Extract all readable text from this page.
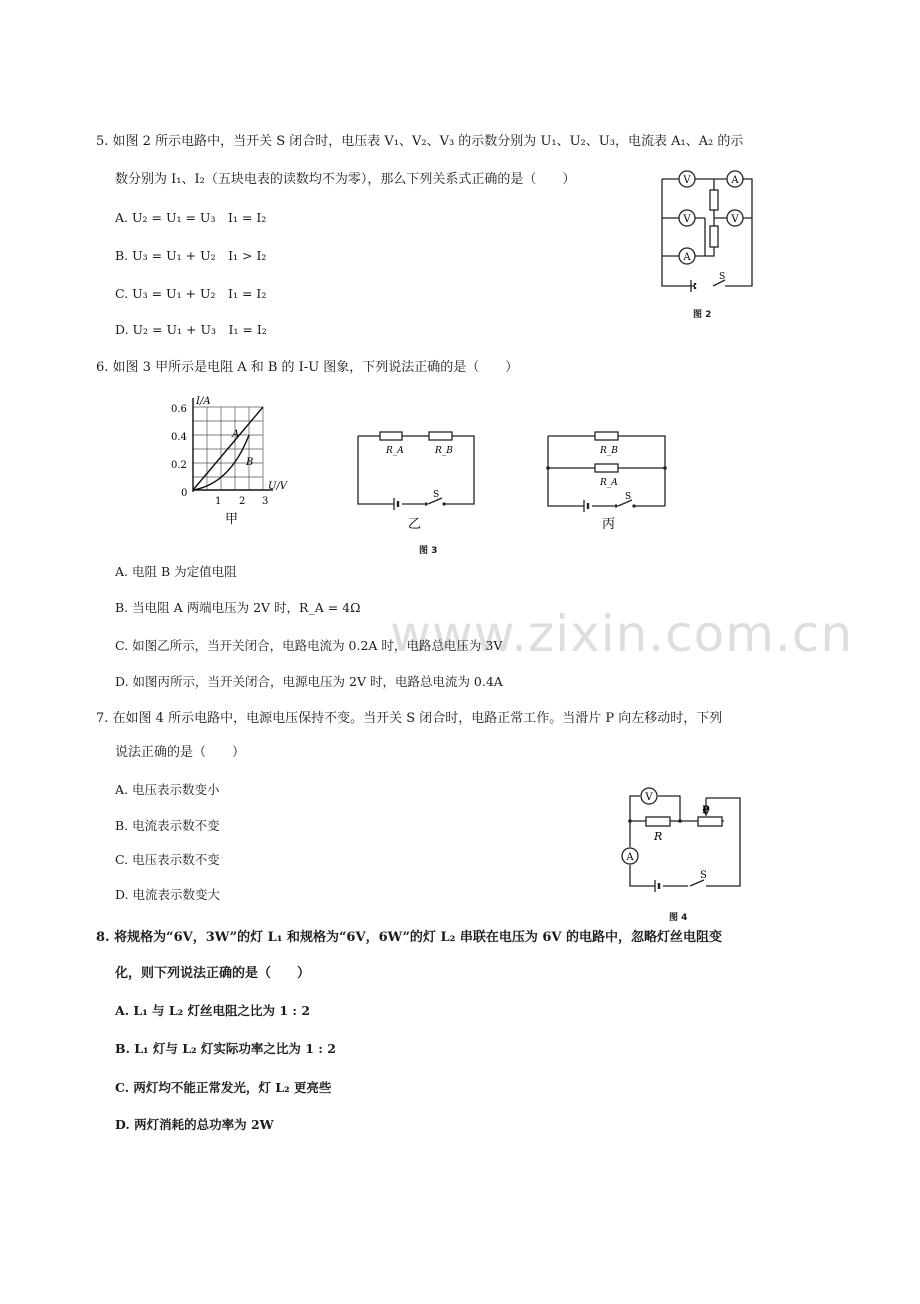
www.zixin.com.cn
5. 如图 2 所示电路中，当开关 S 闭合时，电压表 V₁、V₂、V₃ 的示数分别为 U₁、U₂、U₃，电流表 A₁、A₂ 的示
数分别为 I₁、I₂（五块电表的读数均不为零），那么下列关系式正确的是（　　）
A. U₂ = U₁ = U₃　I₁ = I₂
B. U₃ = U₁ + U₂　I₁ > I₂
C. U₃ = U₁ + U₂　I₁ = I₂
D. U₂ = U₁ + U₃　I₁ = I₂
V	A
V	V
A
S
图 2
6. 如图 3 甲所示是电阻 A 和 B 的 I-U 图象，下列说法正确的是（　　）
I/A
U/V
0.6
0.4
0.2
0
1 2 3
A
B
甲
R_A	R_B
S
乙
R_B
R_A
S
丙
图 3
A. 电阻 B 为定值电阻
B. 当电阻 A 两端电压为 2V 时，R_A = 4Ω
C. 如图乙所示，当开关闭合，电路电流为 0.2A 时，电路总电压为 3V
D. 如图丙所示，当开关闭合，电源电压为 2V 时，电路总电流为 0.4A
7. 在如图 4 所示电路中，电源电压保持不变。当开关 S 闭合时，电路正常工作。当滑片 P 向左移动时，下列
说法正确的是（　　）
A. 电压表示数变小
B. 电流表示数不变
C. 电压表示数不变
D. 电流表示数变大
V
A
R
P
S
图 4
8. 将规格为“6V，3W”的灯 L₁ 和规格为“6V，6W”的灯 L₂ 串联在电压为 6V 的电路中，忽略灯丝电阻变
化，则下列说法正确的是（　　）
A. L₁ 与 L₂ 灯丝电阻之比为 1 : 2
B. L₁ 灯与 L₂ 灯实际功率之比为 1 : 2
C. 两灯均不能正常发光，灯 L₂ 更亮些
D. 两灯消耗的总功率为 2W
